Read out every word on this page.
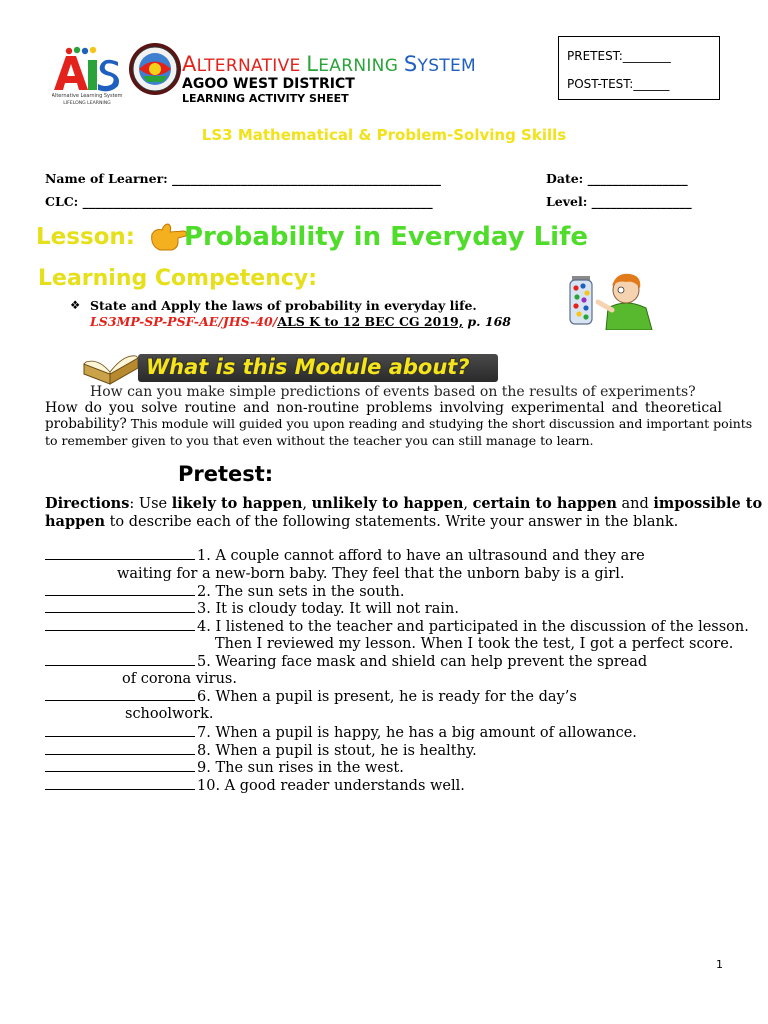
Alternative Learning System
LIFELONG LEARNING
ALTERNATIVE LEARNING SYSTEM
AGOO WEST DISTRICT
LEARNING ACTIVITY SHEET
PRETEST:________
POST-TEST:______
LS3 Mathematical & Problem-Solving Skills
Name of Learner: ___________________________________________	Date: ________________
CLC: ________________________________________________________	Level: ________________
Lesson: Probability in Everyday Life
Learning Competency:
❖ State and Apply the laws of probability in everyday life.
LS3MP-SP-PSF-AE/JHS-40/ALS K to 12 BEC CG 2019, p. 168
What is this Module about?
How can you make simple predictions of events based on the results of experiments?
How do you solve routine and non-routine problems involving experimental and theoretical
probability? This module will guided you upon reading and studying the short discussion and important points
to remember given to you that even without the teacher you can still manage to learn.
Pretest:
Directions: Use likely to happen, unlikely to happen, certain to happen and impossible to
happen to describe each of the following statements. Write your answer in the blank.
1. A couple cannot afford to have an ultrasound and they are
waiting for a new-born baby. They feel that the unborn baby is a girl.
2. The sun sets in the south.
3. It is cloudy today. It will not rain.
4. I listened to the teacher and participated in the discussion of the lesson.
Then I reviewed my lesson. When I took the test, I got a perfect score.
5. Wearing face mask and shield can help prevent the spread
of corona virus.
6. When a pupil is present, he is ready for the day’s
schoolwork.
7. When a pupil is happy, he has a big amount of allowance.
8. When a pupil is stout, he is healthy.
9. The sun rises in the west.
10. A good reader understands well.
1
